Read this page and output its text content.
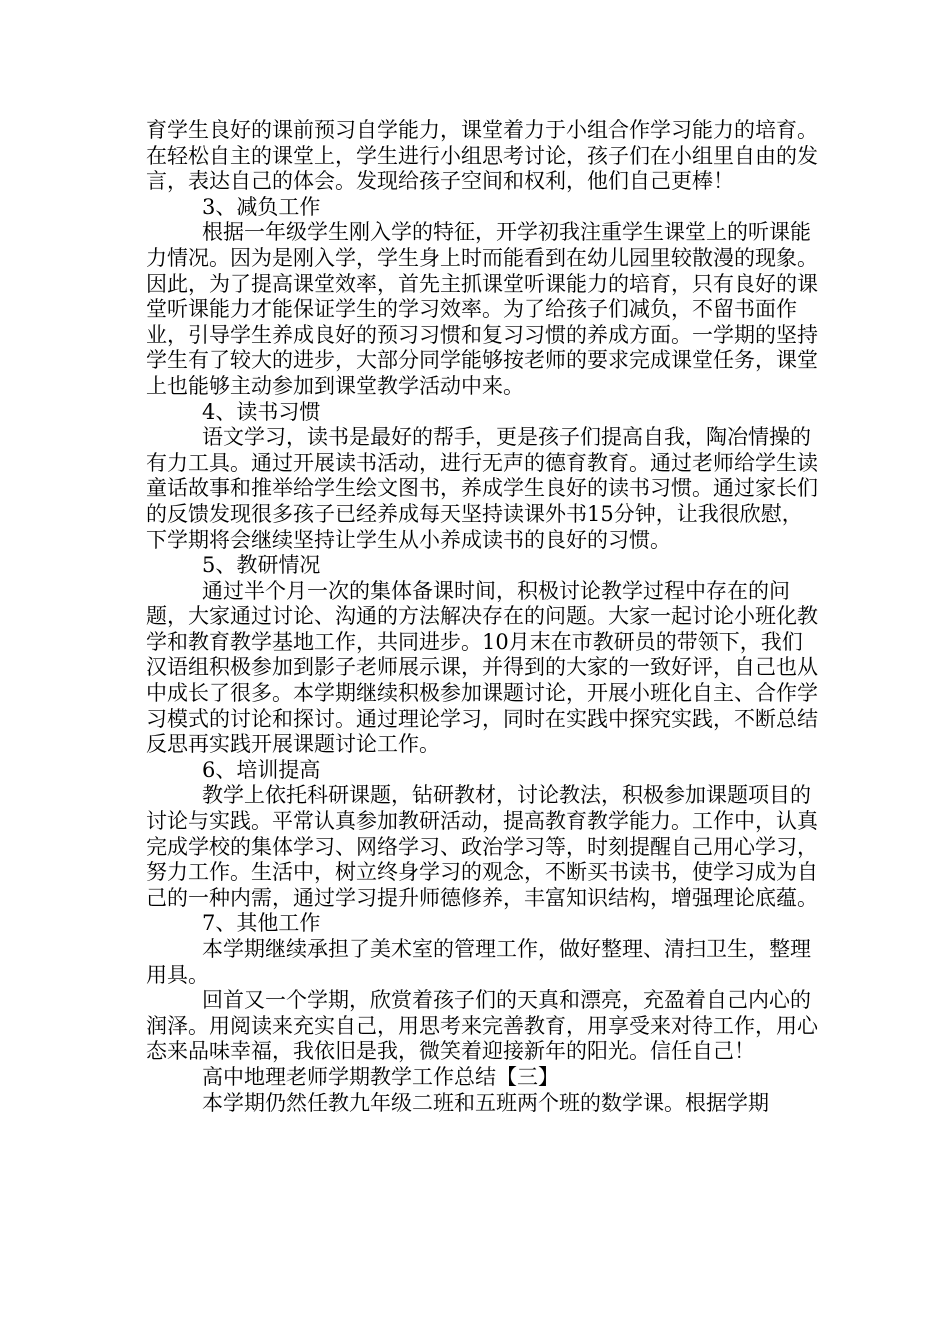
育学生良好的课前预习自学能力，课堂着力于小组合作学习能力的培育。在轻松自主的课堂上，学生进行小组思考讨论，孩子们在小组里自由的发言，表达自己的体会。发现给孩子空间和权利，他们自己更棒！

3、减负工作

根据一年级学生刚入学的特征，开学初我注重学生课堂上的听课能力情况。因为是刚入学，学生身上时而能看到在幼儿园里较散漫的现象。因此，为了提高课堂效率，首先主抓课堂听课能力的培育，只有良好的课堂听课能力才能保证学生的学习效率。为了给孩子们减负，不留书面作业，引导学生养成良好的预习习惯和复习习惯的养成方面。一学期的坚持学生有了较大的进步，大部分同学能够按老师的要求完成课堂任务，课堂上也能够主动参加到课堂教学活动中来。

4、读书习惯

语文学习，读书是最好的帮手，更是孩子们提高自我，陶冶情操的有力工具。通过开展读书活动，进行无声的德育教育。通过老师给学生读童话故事和推举给学生绘文图书，养成学生良好的读书习惯。通过家长们的反馈发现很多孩子已经养成每天坚持读课外书15分钟，让我很欣慰，下学期将会继续坚持让学生从小养成读书的良好的习惯。

5、教研情况

通过半个月一次的集体备课时间，积极讨论教学过程中存在的问题，大家通过讨论、沟通的方法解决存在的问题。大家一起讨论小班化教学和教育教学基地工作，共同进步。10月末在市教研员的带领下，我们汉语组积极参加到影子老师展示课，并得到的大家的一致好评，自己也从中成长了很多。本学期继续积极参加课题讨论，开展小班化自主、合作学习模式的讨论和探讨。通过理论学习，同时在实践中探究实践，不断总结反思再实践开展课题讨论工作。

6、培训提高

教学上依托科研课题，钻研教材，讨论教法，积极参加课题项目的讨论与实践。平常认真参加教研活动，提高教育教学能力。工作中，认真完成学校的集体学习、网络学习、政治学习等，时刻提醒自己用心学习，努力工作。生活中，树立终身学习的观念，不断买书读书，使学习成为自己的一种内需，通过学习提升师德修养，丰富知识结构，增强理论底蕴。

7、其他工作

本学期继续承担了美术室的管理工作，做好整理、清扫卫生，整理用具。

回首又一个学期，欣赏着孩子们的天真和漂亮，充盈着自己内心的润泽。用阅读来充实自己，用思考来完善教育，用享受来对待工作，用心态来品味幸福，我依旧是我，微笑着迎接新年的阳光。信任自己！

高中地理老师学期教学工作总结【三】

本学期仍然任教九年级二班和五班两个班的数学课。根据学期
